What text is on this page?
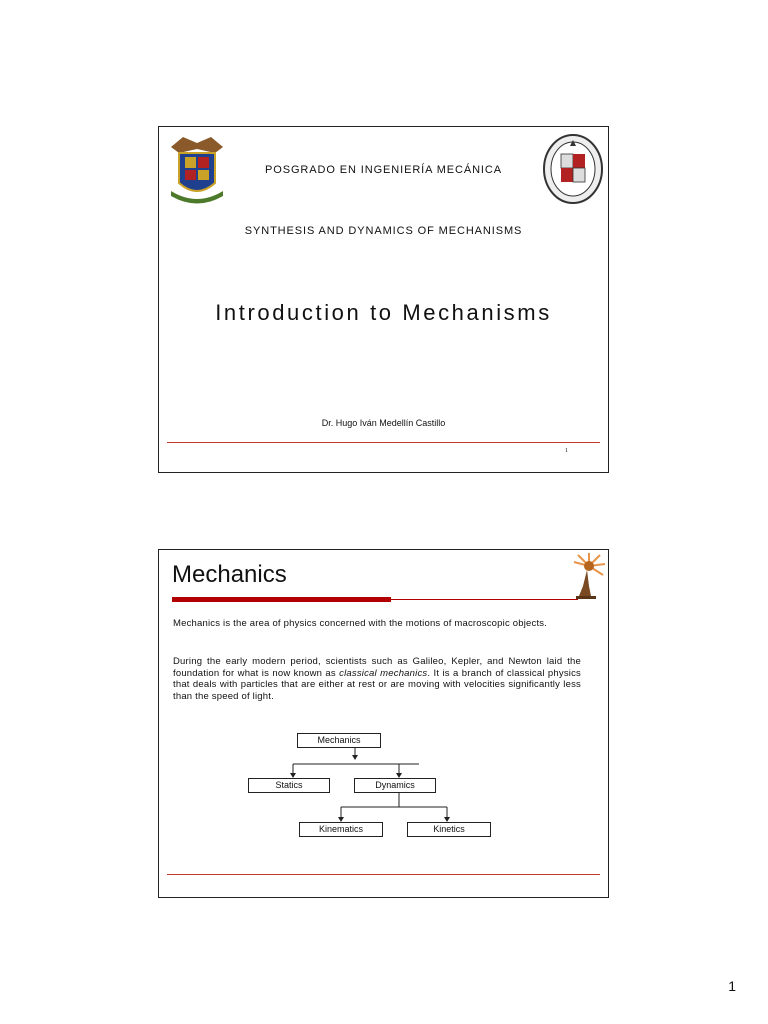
POSGRADO EN INGENIERÍA MECÁNICA
SYNTHESIS AND DYNAMICS OF MECHANISMS
Introduction to Mechanisms
Dr. Hugo Iván Medellín Castillo
1
Mechanics
Mechanics is the area of physics concerned with the motions of macroscopic objects.
During the early modern period, scientists such as Galileo, Kepler, and Newton laid the foundation for what is now known as classical mechanics. It is a branch of classical physics that deals with particles that are either at rest or are moving with velocities significantly less than the speed of light.
Mechanics
Statics	Dynamics
Kinematics	Kinetics
1
